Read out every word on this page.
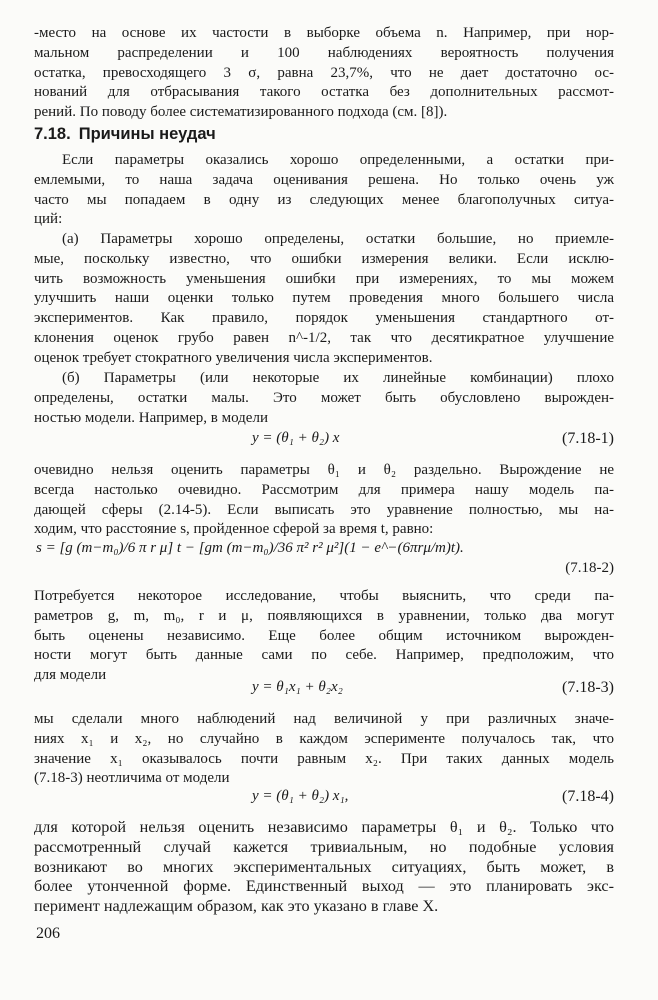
-место на основе их частости в выборке объема n. Например, при нор-
мальном распределении и 100 наблюдениях вероятность получения
остатка, превосходящего 3 σ, равна 23,7%, что не дает достаточно ос-
нований для отбрасывания такого остатка без дополнительных рассмот-
рений. По поводу более систематизированного подхода (см. [8]).
7.18. Причины неудач
Если параметры оказались хорошо определенными, а остатки при-
емлемыми, то наша задача оценивания решена. Но только очень уж
часто мы попадаем в одну из следующих менее благополучных ситуа-
ций:
(а) Параметры хорошо определены, остатки большие, но приемле-
мые, поскольку известно, что ошибки измерения велики. Если исклю-
чить возможность уменьшения ошибки при измерениях, то мы можем
улучшить наши оценки только путем проведения много большего числа
экспериментов. Как правило, порядок уменьшения стандартного от-
клонения оценок грубо равен n^-1/2, так что десятикратное улучшение
оценок требует стократного увеличения числа экспериментов.
(б) Параметры (или некоторые их линейные комбинации) плохо
определены, остатки малы. Это может быть обусловлено вырожден-
ностью модели. Например, в модели
y = (θ₁ + θ₂) x	(7.18-1)
очевидно нельзя оценить параметры θ₁ и θ₂ раздельно. Вырождение не
всегда настолько очевидно. Рассмотрим для примера нашу модель па-
дающей сферы (2.14-5). Если выписать это уравнение полностью, мы на-
ходим, что расстояние s, пройденное сферой за время t, равно:
s = [g (m−m₀)/6 π r μ] t − [gm (m−m₀)/36 π² r² μ²](1 − e^−(6πrμ/m)t).
(7.18-2)
Потребуется некоторое исследование, чтобы выяснить, что среди па-
раметров g, m, m₀, r и μ, появляющихся в уравнении, только два могут
быть оценены независимо. Еще более общим источником вырожден-
ности могут быть данные сами по себе. Например, предположим, что
для модели
y = θ₁x₁ + θ₂x₂	(7.18-3)
мы сделали много наблюдений над величиной y при различных значе-
ниях x₁ и x₂, но случайно в каждом эсперименте получалось так, что
значение x₁ оказывалось почти равным x₂. При таких данных модель
(7.18-3) неотличима от модели
y = (θ₁ + θ₂) x₁,	(7.18-4)
206
для которой нельзя оценить независимо параметры θ₁ и θ₂. Только что
рассмотренный случай кажется тривиальным, но подобные условия
возникают во многих экспериментальных ситуациях, быть может, в
более утонченной форме. Единственный выход — это планировать экс-
перимент надлежащим образом, как это указано в главе X.
